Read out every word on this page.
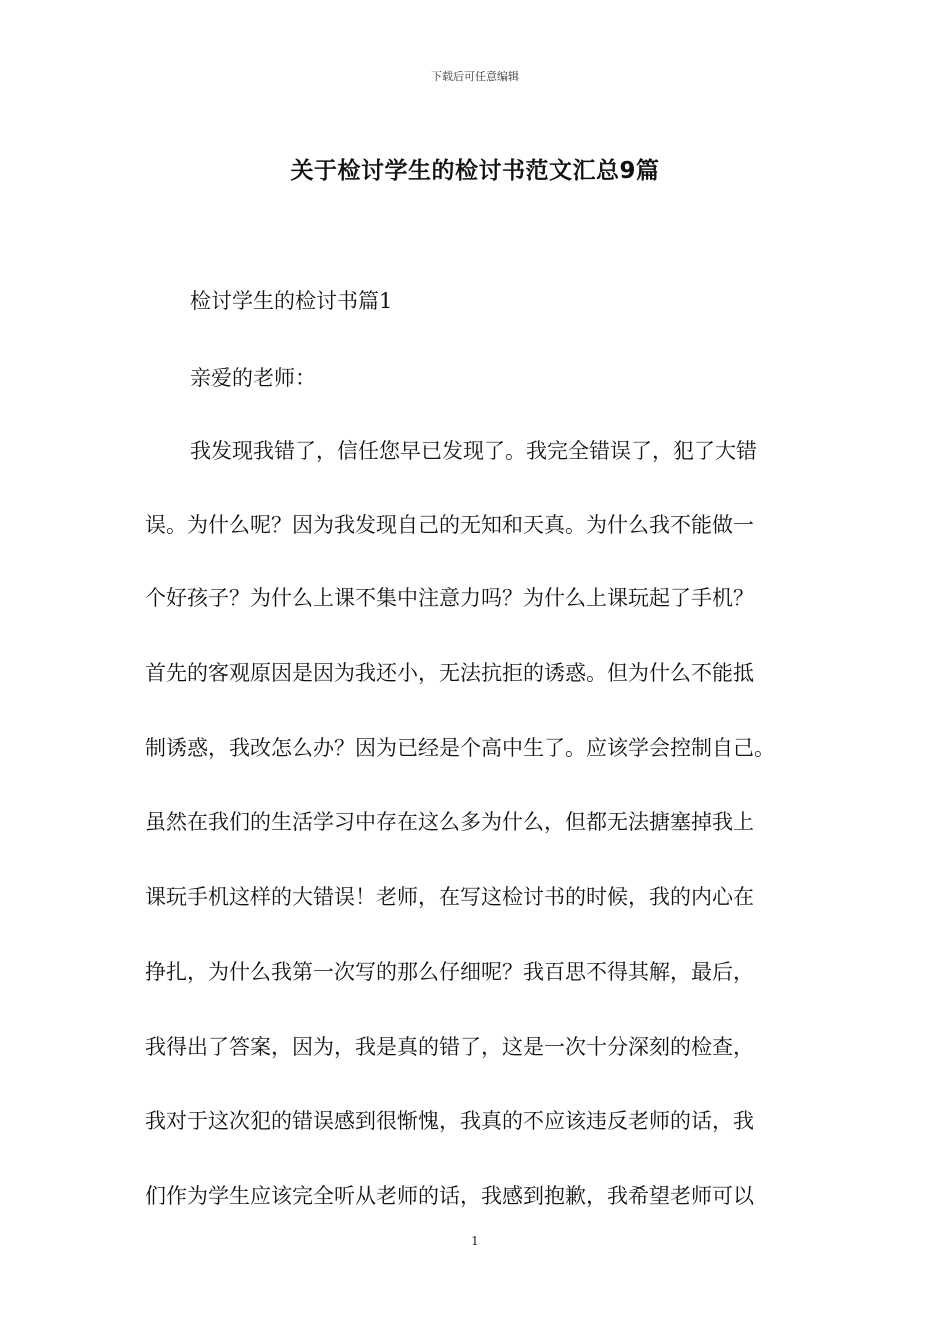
下载后可任意编辑
关于检讨学生的检讨书范文汇总9篇
检讨学生的检讨书篇1
亲爱的老师：
我发现我错了，信任您早已发现了。我完全错误了，犯了大错
误。为什么呢？因为我发现自己的无知和天真。为什么我不能做一
个好孩子？为什么上课不集中注意力吗？为什么上课玩起了手机？
首先的客观原因是因为我还小，无法抗拒的诱惑。但为什么不能抵
制诱惑，我改怎么办？因为已经是个高中生了。应该学会控制自己。
虽然在我们的生活学习中存在这么多为什么，但都无法搪塞掉我上
课玩手机这样的大错误！老师，在写这检讨书的时候，我的内心在
挣扎，为什么我第一次写的那么仔细呢？我百思不得其解，最后，
我得出了答案，因为，我是真的错了，这是一次十分深刻的检查，
我对于这次犯的错误感到很惭愧，我真的不应该违反老师的话，我
们作为学生应该完全听从老师的话，我感到抱歉，我希望老师可以
1
